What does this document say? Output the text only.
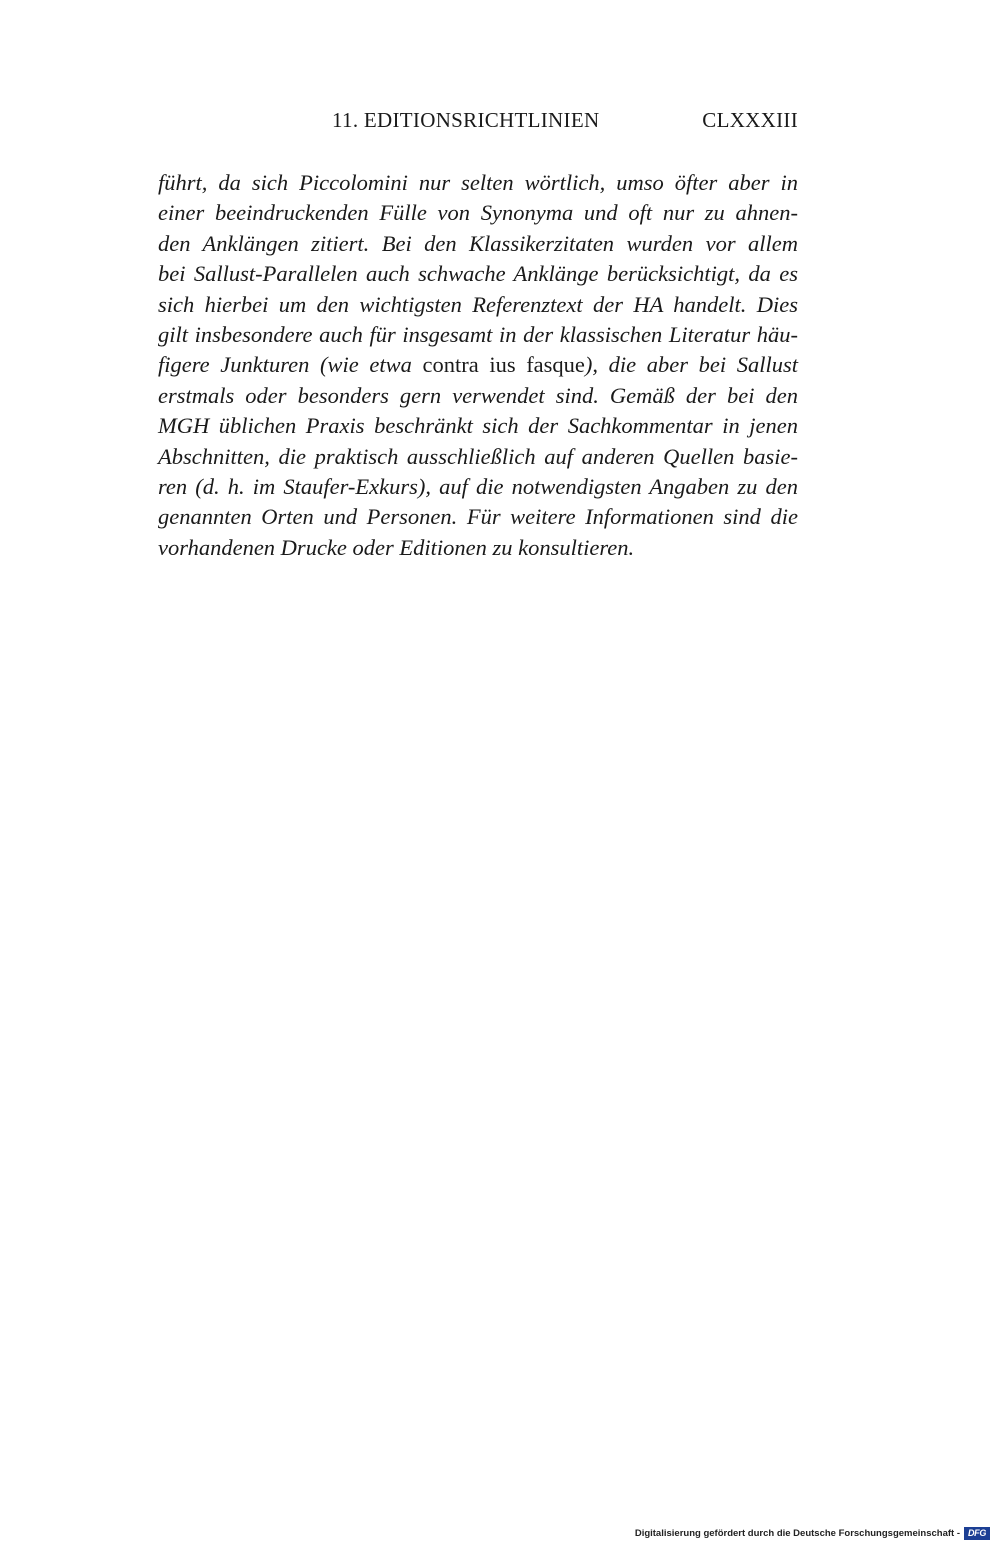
11. EDITIONSRICHTLINIEN	CLXXXIII
führt, da sich Piccolomini nur selten wörtlich, umso öfter aber in
einer beeindruckenden Fülle von Synonyma und oft nur zu ahnen-
den Anklängen zitiert. Bei den Klassikerzitaten wurden vor allem
bei Sallust-Parallelen auch schwache Anklänge berücksichtigt, da es
sich hierbei um den wichtigsten Referenztext der HA handelt. Dies
gilt insbesondere auch für insgesamt in der klassischen Literatur häu-
figere Junkturen (wie etwa contra ius fasque), die aber bei Sallust
erstmals oder besonders gern verwendet sind. Gemäß der bei den
MGH üblichen Praxis beschränkt sich der Sachkommentar in jenen
Abschnitten, die praktisch ausschließlich auf anderen Quellen basie-
ren (d. h. im Staufer-Exkurs), auf die notwendigsten Angaben zu den
genannten Orten und Personen. Für weitere Informationen sind die
vorhandenen Drucke oder Editionen zu konsultieren.
Digitalisierung gefördert durch die Deutsche Forschungsgemeinschaft - DFG
